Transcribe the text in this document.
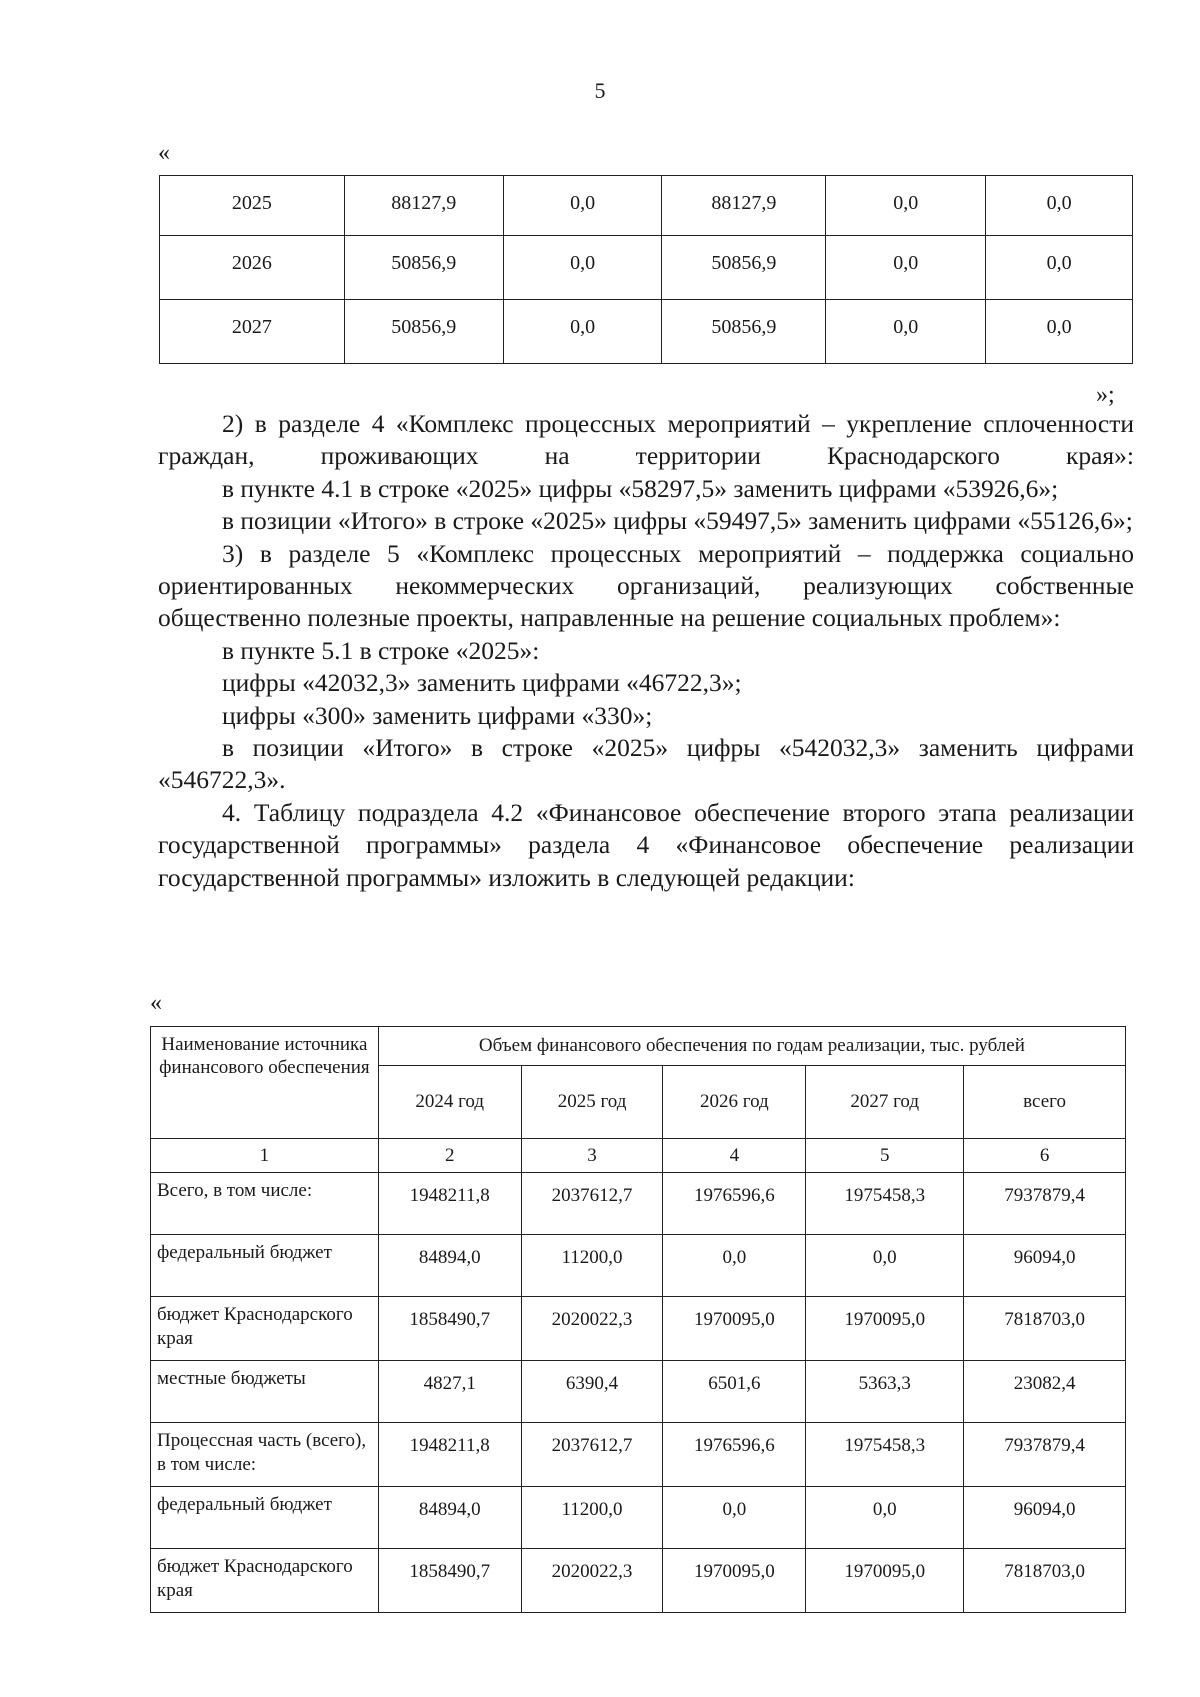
5
«
2025	88127,9	0,0	88127,9	0,0	0,0
2026	50856,9	0,0	50856,9	0,0	0,0
2027	50856,9	0,0	50856,9	0,0	0,0
»;

2) в разделе 4 «Комплекс процессных мероприятий – укрепление сплоченности граждан, проживающих на территории Краснодарского края»:

в пункте 4.1 в строке «2025» цифры «58297,5» заменить цифрами «53926,6»;

в позиции «Итого» в строке «2025» цифры «59497,5» заменить цифрами «55126,6»;

3) в разделе 5 «Комплекс процессных мероприятий – поддержка социально ориентированных некоммерческих организаций, реализующих собственные общественно полезные проекты, направленные на решение социальных проблем»:

в пункте 5.1 в строке «2025»:

цифры «42032,3» заменить цифрами «46722,3»;

цифры «300» заменить цифрами «330»;

в позиции «Итого» в строке «2025» цифры «542032,3» заменить цифрами «546722,3».

4. Таблицу подраздела 4.2 «Финансовое обеспечение второго этапа реализации государственной программы» раздела 4 «Финансовое обеспечение реализации государственной программы» изложить в следующей редакции:

«
Наименование источника финансового обеспечения	Объем финансового обеспечения по годам реализации, тыс. рублей				
	2024 год	2025 год	2026 год	2027 год	всего
1	2	3	4	5	6
Всего, в том числе:	1948211,8	2037612,7	1976596,6	1975458,3	7937879,4
федеральный бюджет	84894,0	11200,0	0,0	0,0	96094,0
бюджет Краснодарского края	1858490,7	2020022,3	1970095,0	1970095,0	7818703,0
местные бюджеты	4827,1	6390,4	6501,6	5363,3	23082,4
Процессная часть (всего), в том числе:	1948211,8	2037612,7	1976596,6	1975458,3	7937879,4
федеральный бюджет	84894,0	11200,0	0,0	0,0	96094,0
бюджет Краснодарского края	1858490,7	2020022,3	1970095,0	1970095,0	7818703,0
